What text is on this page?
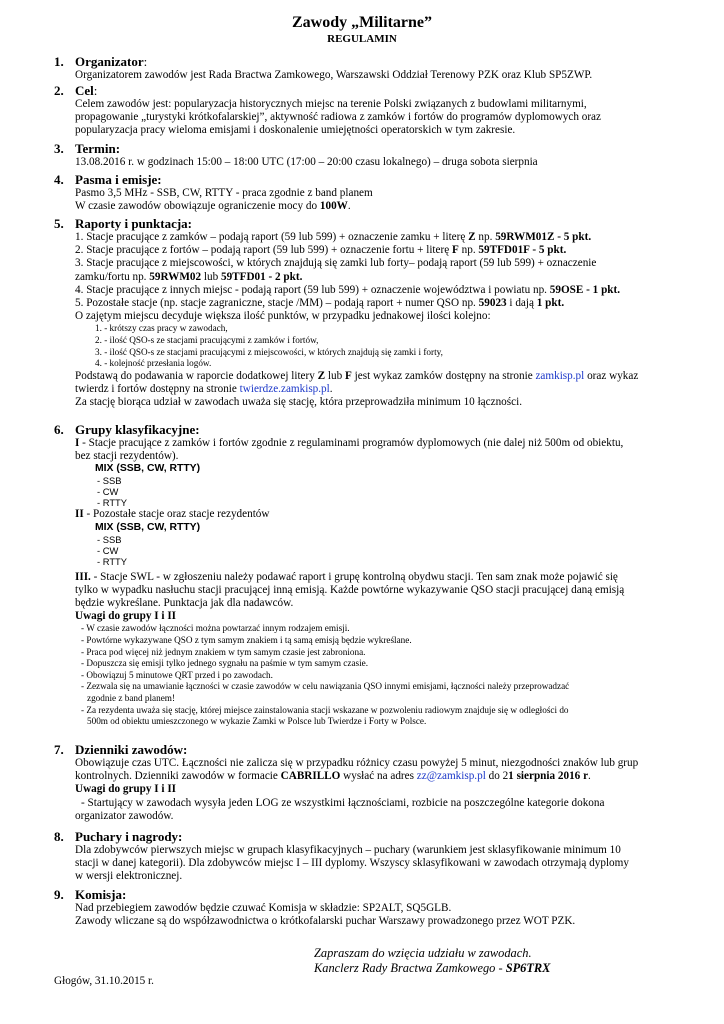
Zawody „Militarne”
REGULAMIN
1. Organizator:

Organizatorem zawodów jest Rada Bractwa Zamkowego, Warszawski Oddział Terenowy PZK oraz Klub SP5ZWP.

2. Cel:

Celem zawodów jest: popularyzacja historycznych miejsc na terenie Polski związanych z budowlami militarnymi,

propagowanie „turystyki krótkofalarskiej”, aktywność radiowa z zamków i fortów do programów dyplomowych oraz

popularyzacja pracy wieloma emisjami i doskonalenie umiejętności operatorskich w tym zakresie.

3. Termin:

13.08.2016 r. w godzinach 15:00 – 18:00 UTC (17:00 – 20:00 czasu lokalnego) – druga sobota sierpnia

4. Pasma i emisje:

Pasmo 3,5 MHz - SSB, CW, RTTY - praca zgodnie z band planem

W czasie zawodów obowiązuje ograniczenie mocy do 100W.

5. Raporty i punktacja:

1. Stacje pracujące z zamków – podają raport (59 lub 599) + oznaczenie zamku + literę Z np. 59RWM01Z - 5 pkt.

2. Stacje pracujące z fortów – podają raport (59 lub 599) + oznaczenie fortu + literę F np. 59TFD01F - 5 pkt.

3. Stacje pracujące z miejscowości, w których znajdują się zamki lub forty– podają raport (59 lub 599) + oznaczenie

zamku/fortu np. 59RWM02 lub 59TFD01 - 2 pkt.

4. Stacje pracujące z innych miejsc - podają raport (59 lub 599) + oznaczenie województwa i powiatu np. 59OSE - 1 pkt.

5. Pozostałe stacje (np. stacje zagraniczne, stacje /MM) – podają raport + numer QSO np. 59023 i dają 1 pkt.

O zajętym miejscu decyduje większa ilość punktów, w przypadku jednakowej ilości kolejno:

1. - krótszy czas pracy w zawodach,

2. - ilość QSO-s ze stacjami pracującymi z zamków i fortów,

3. - ilość QSO-s ze stacjami pracującymi z miejscowości, w których znajdują się zamki i forty,

4. - kolejność przesłania logów.

Podstawą do podawania w raporcie dodatkowej litery Z lub F jest wykaz zamków dostępny na stronie zamkisp.pl oraz wykaz

twierdz i fortów dostępny na stronie twierdze.zamkisp.pl.

Za stację biorąca udział w zawodach uważa się stację, która przeprowadziła minimum 10 łączności.

6. Grupy klasyfikacyjne:

I - Stacje pracujące z zamków i fortów zgodnie z regulaminami programów dyplomowych (nie dalej niż 500m od obiektu,

bez stacji rezydentów).

MIX (SSB, CW, RTTY)
- SSB
- CW
- RTTY

II - Pozostałe stacje oraz stacje rezydentów

MIX (SSB, CW, RTTY)
- SSB
- CW
- RTTY

III. - Stacje SWL - w zgłoszeniu należy podawać raport i grupę kontrolną obydwu stacji. Ten sam znak może pojawić się

tylko w wypadku nasłuchu stacji pracującej inną emisją. Każde powtórne wykazywanie QSO stacji pracującej daną emisją

będzie wykreślane. Punktacja jak dla nadawców.

Uwagi do grupy I i II

- W czasie zawodów łączności można powtarzać innym rodzajem emisji.

- Powtórne wykazywane QSO z tym samym znakiem i tą samą emisją będzie wykreślane.

- Praca pod więcej niż jednym znakiem w tym samym czasie jest zabroniona.

- Dopuszcza się emisji tylko jednego sygnału na paśmie w tym samym czasie.

- Obowiązuj 5 minutowe QRT przed i po zawodach.

- Zezwala się na umawianie łączności w czasie zawodów w celu nawiązania QSO innymi emisjami, łączności należy przeprowadzać

zgodnie z band planem!

- Za rezydenta uważa się stację, której miejsce zainstalowania stacji wskazane w pozwoleniu radiowym znajduje się w odległości do

500m od obiektu umieszczonego w wykazie Zamki w Polsce lub Twierdze i Forty w Polsce.

7. Dzienniki zawodów:

Obowiązuje czas UTC. Łączności nie zalicza się w przypadku różnicy czasu powyżej 5 minut, niezgodności znaków lub grup

kontrolnych. Dzienniki zawodów w formacie CABRILLO wysłać na adres zz@zamkisp.pl do 21 sierpnia 2016 r.

Uwagi do grupy I i II

- Startujący w zawodach wysyła jeden LOG ze wszystkimi łącznościami, rozbicie na poszczególne kategorie dokona

organizator zawodów.

8. Puchary i nagrody:

Dla zdobywców pierwszych miejsc w grupach klasyfikacyjnych – puchary (warunkiem jest sklasyfikowanie minimum 10

stacji w danej kategorii). Dla zdobywców miejsc I – III dyplomy. Wszyscy sklasyfikowani w zawodach otrzymają dyplomy

w wersji elektronicznej.

9. Komisja:

Nad przebiegiem zawodów będzie czuwać Komisja w składzie: SP2ALT, SQ5GLB.

Zawody wliczane są do współzawodnictwa o krótkofalarski puchar Warszawy prowadzonego przez WOT PZK.

Zapraszam do wzięcia udziału w zawodach.
Kanclerz Rady Bractwa Zamkowego - SP6TRX
Głogów, 31.10.2015 r.
